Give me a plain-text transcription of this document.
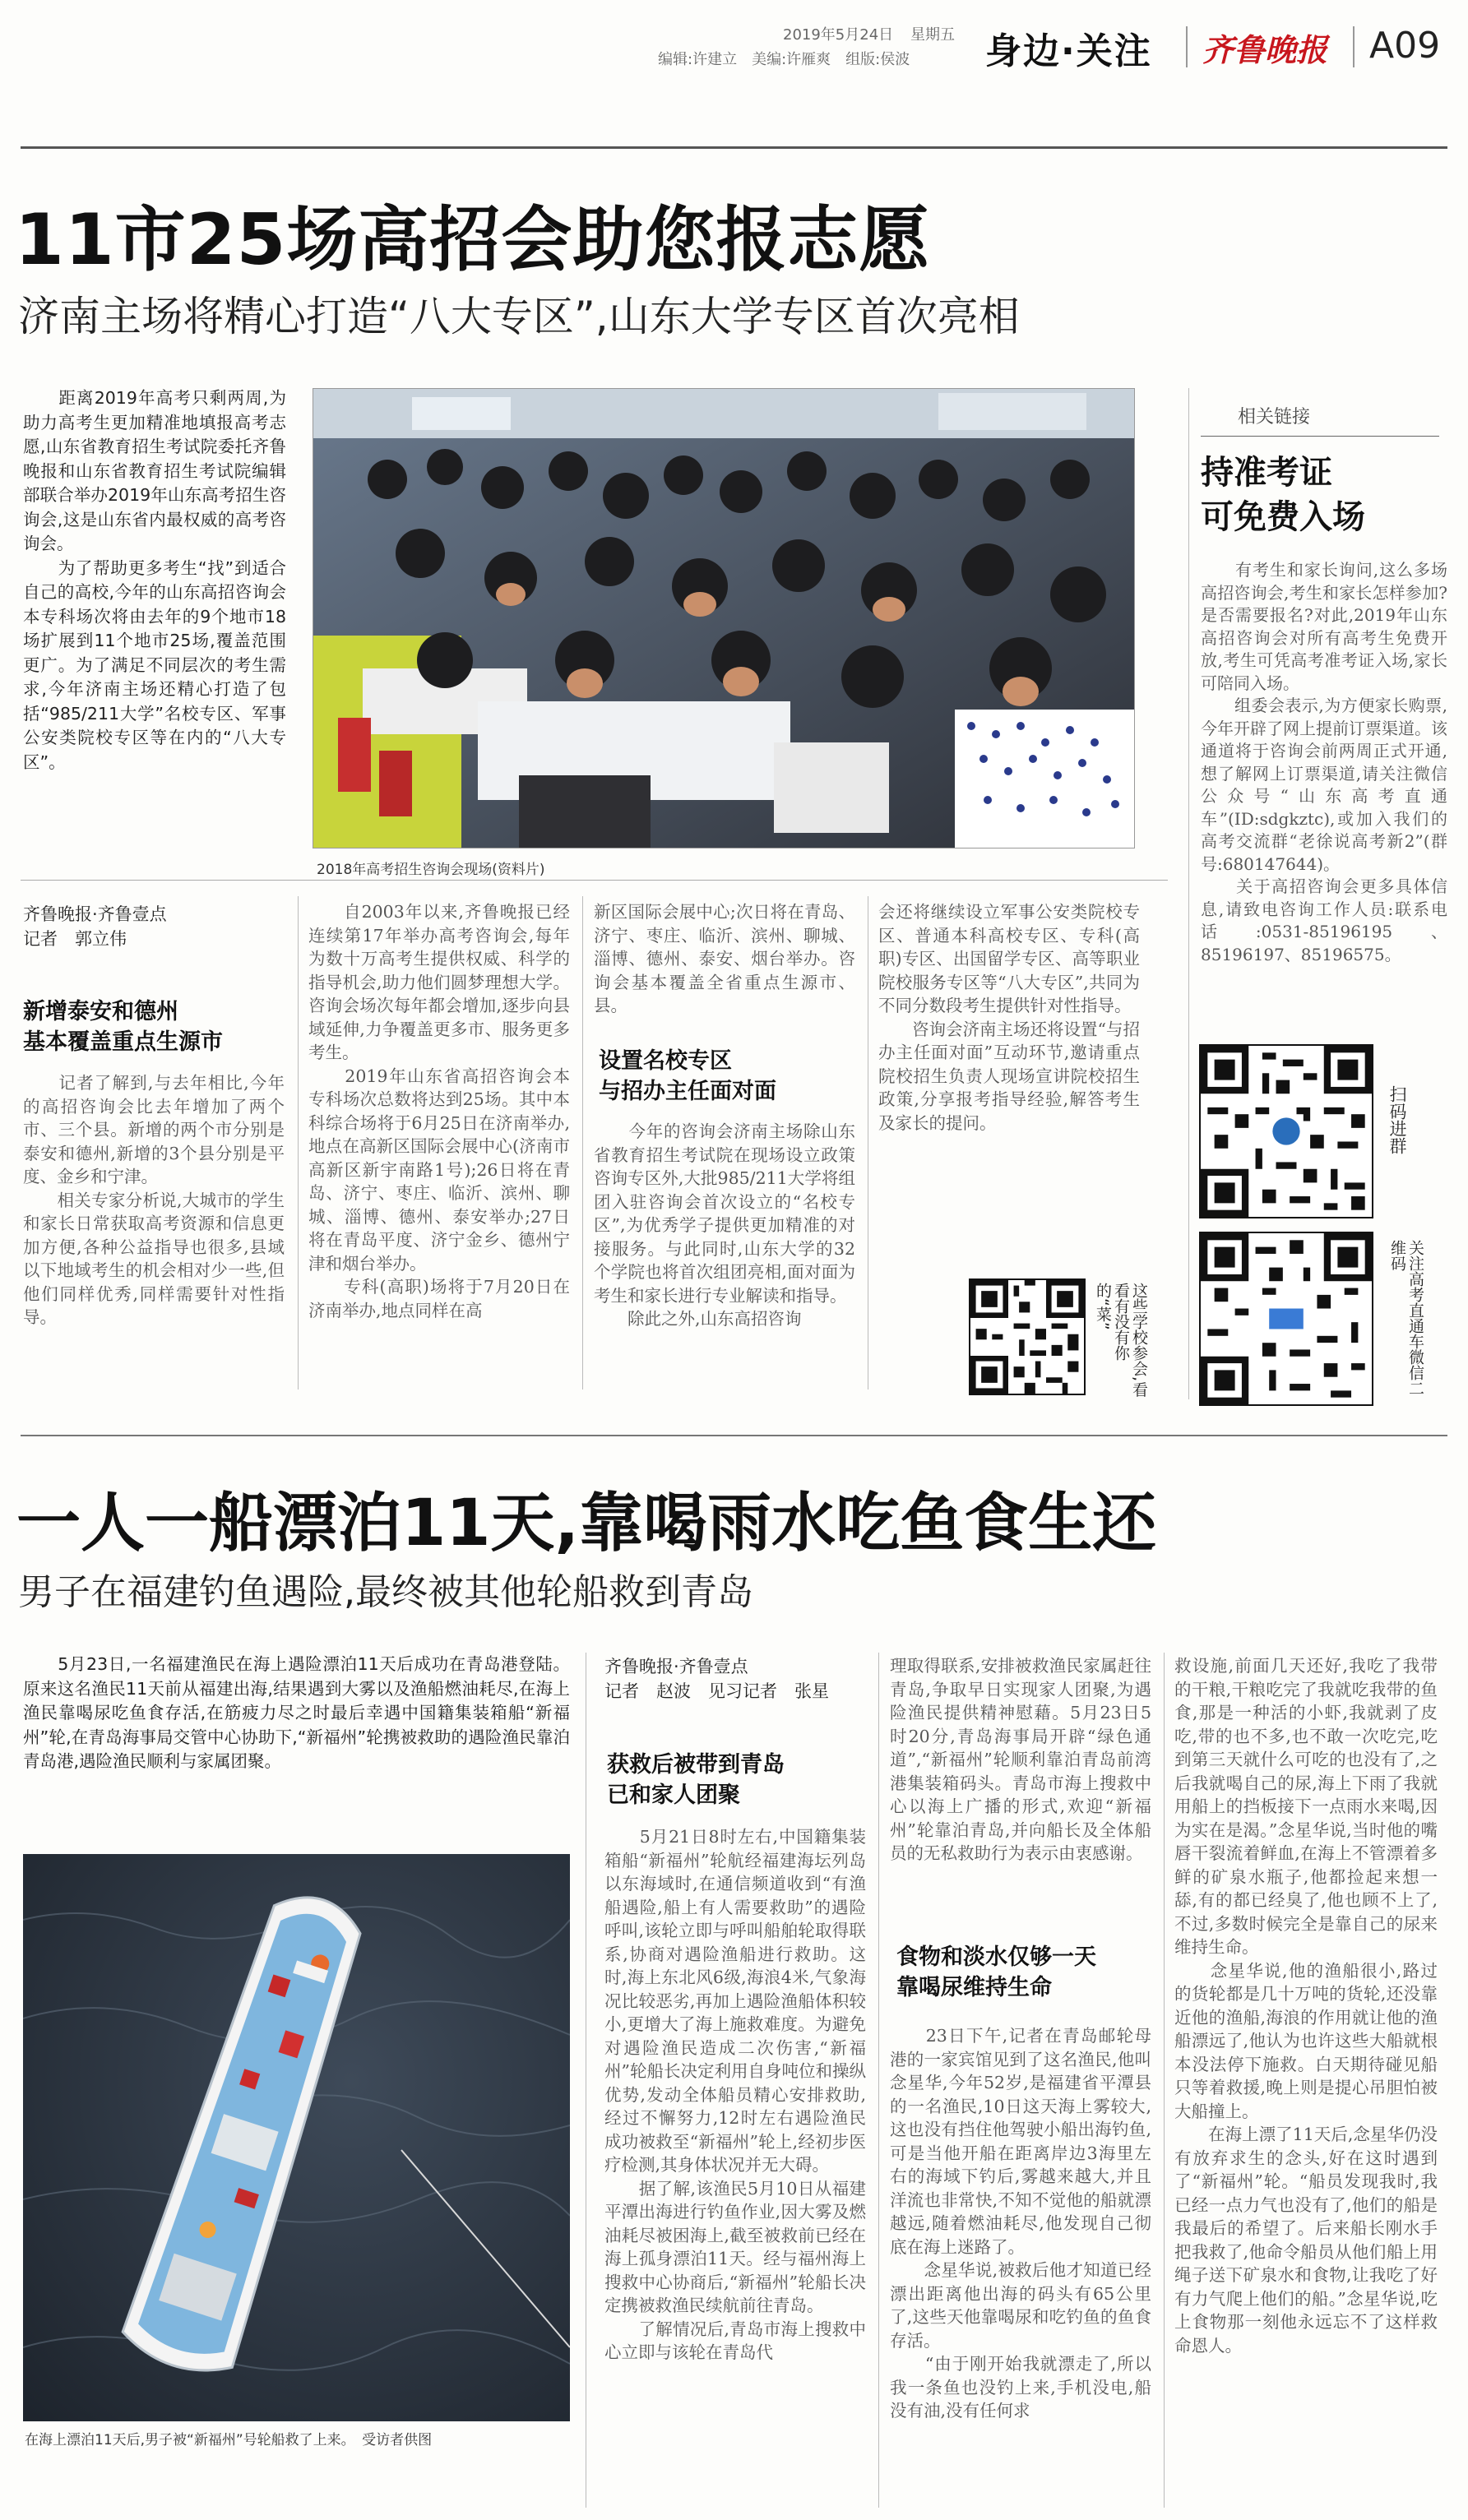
2019年5月24日 星期五
编辑:许建立　美编:许雁爽　组版:侯波 身边·关注 齐鲁晚报 A09
11市25场高招会助您报志愿
济南主场将精心打造“八大专区”,山东大学专区首次亮相
　　距离2019年高考只剩两周,为助力高考生更加精准地填报高考志愿,山东省教育招生考试院委托齐鲁晚报和山东省教育招生考试院编辑部联合举办2019年山东高考招生咨询会,这是山东省内最权威的高考咨询会。
　　为了帮助更多考生“找”到适合自己的高校,今年的山东高招咨询会本专科场次将由去年的9个地市18场扩展到11个地市25场,覆盖范围更广。为了满足不同层次的考生需求,今年济南主场还精心打造了包括“985/211大学”名校专区、军事公安类院校专区等在内的“八大专区”。
2018年高考招生咨询会现场(资料片)
齐鲁晚报·齐鲁壹点
记者　郭立伟
新增泰安和德州
基本覆盖重点生源市
　　记者了解到,与去年相比,今年的高招咨询会比去年增加了两个市、三个县。新增的两个市分别是泰安和德州,新增的3个县分别是平度、金乡和宁津。
　　相关专家分析说,大城市的学生和家长日常获取高考资源和信息更加方便,各种公益指导也很多,县域以下地域考生的机会相对少一些,但他们同样优秀,同样需要针对性指导。
　　自2003年以来,齐鲁晚报已经连续第17年举办高考咨询会,每年为数十万高考生提供权威、科学的指导机会,助力他们圆梦理想大学。咨询会场次每年都会增加,逐步向县域延伸,力争覆盖更多市、服务更多考生。
　　2019年山东省高招咨询会本专科场次总数将达到25场。其中本科综合场将于6月25日在济南举办,地点在高新区国际会展中心(济南市高新区新宇南路1号);26日将在青岛、济宁、枣庄、临沂、滨州、聊城、淄博、德州、泰安举办;27日将在青岛平度、济宁金乡、德州宁津和烟台举办。
　　专科(高职)场将于7月20日在济南举办,地点同样在高
新区国际会展中心;次日将在青岛、济宁、枣庄、临沂、滨州、聊城、淄博、德州、泰安、烟台举办。咨询会基本覆盖全省重点生源市、县。
设置名校专区
与招办主任面对面
　　今年的咨询会济南主场除山东省教育招生考试院在现场设立政策咨询专区外,大批985/211大学将组团入驻咨询会首次设立的“名校专区”,为优秀学子提供更加精准的对接服务。与此同时,山东大学的32个学院也将首次组团亮相,面对面为考生和家长进行专业解读和指导。
　　除此之外,山东高招咨询
会还将继续设立军事公安类院校专区、普通本科高校专区、专科(高职)专区、出国留学专区、高等职业院校服务专区等“八大专区”,共同为不同分数段考生提供针对性指导。
　　咨询会济南主场还将设置“与招办主任面对面”互动环节,邀请重点院校招生负责人现场宣讲院校招生政策,分享报考指导经验,解答考生及家长的提问。
这些学校参会,看看有没有你的“菜”
相关链接
持准考证
可免费入场
　　有考生和家长询问,这么多场高招咨询会,考生和家长怎样参加?是否需要报名?对此,2019年山东高招咨询会对所有高考生免费开放,考生可凭高考准考证入场,家长可陪同入场。
　　组委会表示,为方便家长购票,今年开辟了网上提前订票渠道。该通道将于咨询会前两周正式开通,想了解网上订票渠道,请关注微信公众号“山东高考直通车”(ID:sdgkztc),或加入我们的高考交流群“老徐说高考新2”(群号:680147644)。
　　关于高招咨询会更多具体信息,请致电咨询工作人员:联系电话:0531-85196195、85196197、85196575。
扫码进群
关注高考直通车微信二维码
一人一船漂泊11天,靠喝雨水吃鱼食生还
男子在福建钓鱼遇险,最终被其他轮船救到青岛
　　5月23日,一名福建渔民在海上遇险漂泊11天后成功在青岛港登陆。原来这名渔民11天前从福建出海,结果遇到大雾以及渔船燃油耗尽,在海上渔民靠喝尿吃鱼食存活,在筋疲力尽之时最后幸遇中国籍集装箱船“新福州”轮,在青岛海事局交管中心协助下,“新福州”轮携被救助的遇险渔民靠泊青岛港,遇险渔民顺利与家属团聚。
在海上漂泊11天后,男子被“新福州”号轮船救了上来。　受访者供图
齐鲁晚报·齐鲁壹点
记者　赵波　见习记者　张星
获救后被带到青岛
已和家人团聚
　　5月21日8时左右,中国籍集装箱船“新福州”轮航经福建海坛列岛以东海域时,在通信频道收到“有渔船遇险,船上有人需要救助”的遇险呼叫,该轮立即与呼叫船舶轮取得联系,协商对遇险渔船进行救助。这时,海上东北风6级,海浪4米,气象海况比较恶劣,再加上遇险渔船体积较小,更增大了海上施救难度。为避免对遇险渔民造成二次伤害,“新福州”轮船长决定利用自身吨位和操纵优势,发动全体船员精心安排救助,经过不懈努力,12时左右遇险渔民成功被救至“新福州”轮上,经初步医疗检测,其身体状况并无大碍。
　　据了解,该渔民5月10日从福建平潭出海进行钓鱼作业,因大雾及燃油耗尽被困海上,截至被救前已经在海上孤身漂泊11天。经与福州海上搜救中心协商后,“新福州”轮船长决定携被救渔民续航前往青岛。
　　了解情况后,青岛市海上搜救中心立即与该轮在青岛代
理取得联系,安排被救渔民家属赶往青岛,争取早日实现家人团聚,为遇险渔民提供精神慰藉。5月23日5时20分,青岛海事局开辟“绿色通道”,“新福州”轮顺利靠泊青岛前湾港集装箱码头。青岛市海上搜救中心以海上广播的形式,欢迎“新福州”轮靠泊青岛,并向船长及全体船员的无私救助行为表示由衷感谢。
食物和淡水仅够一天
靠喝尿维持生命
　　23日下午,记者在青岛邮轮母港的一家宾馆见到了这名渔民,他叫念星华,今年52岁,是福建省平潭县的一名渔民,10日这天海上雾较大,这也没有挡住他驾驶小船出海钓鱼,可是当他开船在距离岸边3海里左右的海域下钓后,雾越来越大,并且洋流也非常快,不知不觉他的船就漂越远,随着燃油耗尽,他发现自己彻底在海上迷路了。
　　念星华说,被救后他才知道已经漂出距离他出海的码头有65公里了,这些天他靠喝尿和吃钓鱼的鱼食存活。
　　“由于刚开始我就漂走了,所以我一条鱼也没钓上来,手机没电,船没有油,没有任何求
救设施,前面几天还好,我吃了我带的干粮,干粮吃完了我就吃我带的鱼食,那是一种活的小虾,我就剥了皮吃,带的也不多,也不敢一次吃完,吃到第三天就什么可吃的也没有了,之后我就喝自己的尿,海上下雨了我就用船上的挡板接下一点雨水来喝,因为实在是渴。”念星华说,当时他的嘴唇干裂流着鲜血,在海上不管漂着多鲜的矿泉水瓶子,他都捡起来想一舔,有的都已经臭了,他也顾不上了,不过,多数时候完全是靠自己的尿来维持生命。
　　念星华说,他的渔船很小,路过的货轮都是几十万吨的货轮,还没靠近他的渔船,海浪的作用就让他的渔船漂远了,他认为也许这些大船就根本没法停下施救。白天期待碰见船只等着救援,晚上则是提心吊胆怕被大船撞上。
　　在海上漂了11天后,念星华仍没有放弃求生的念头,好在这时遇到了“新福州”轮。“船员发现我时,我已经一点力气也没有了,他们的船是我最后的希望了。后来船长刚水手把我救了,他命令船员从他们船上用绳子送下矿泉水和食物,让我吃了好有力气爬上他们的船。”念星华说,吃上食物那一刻他永远忘不了这样救命恩人。
